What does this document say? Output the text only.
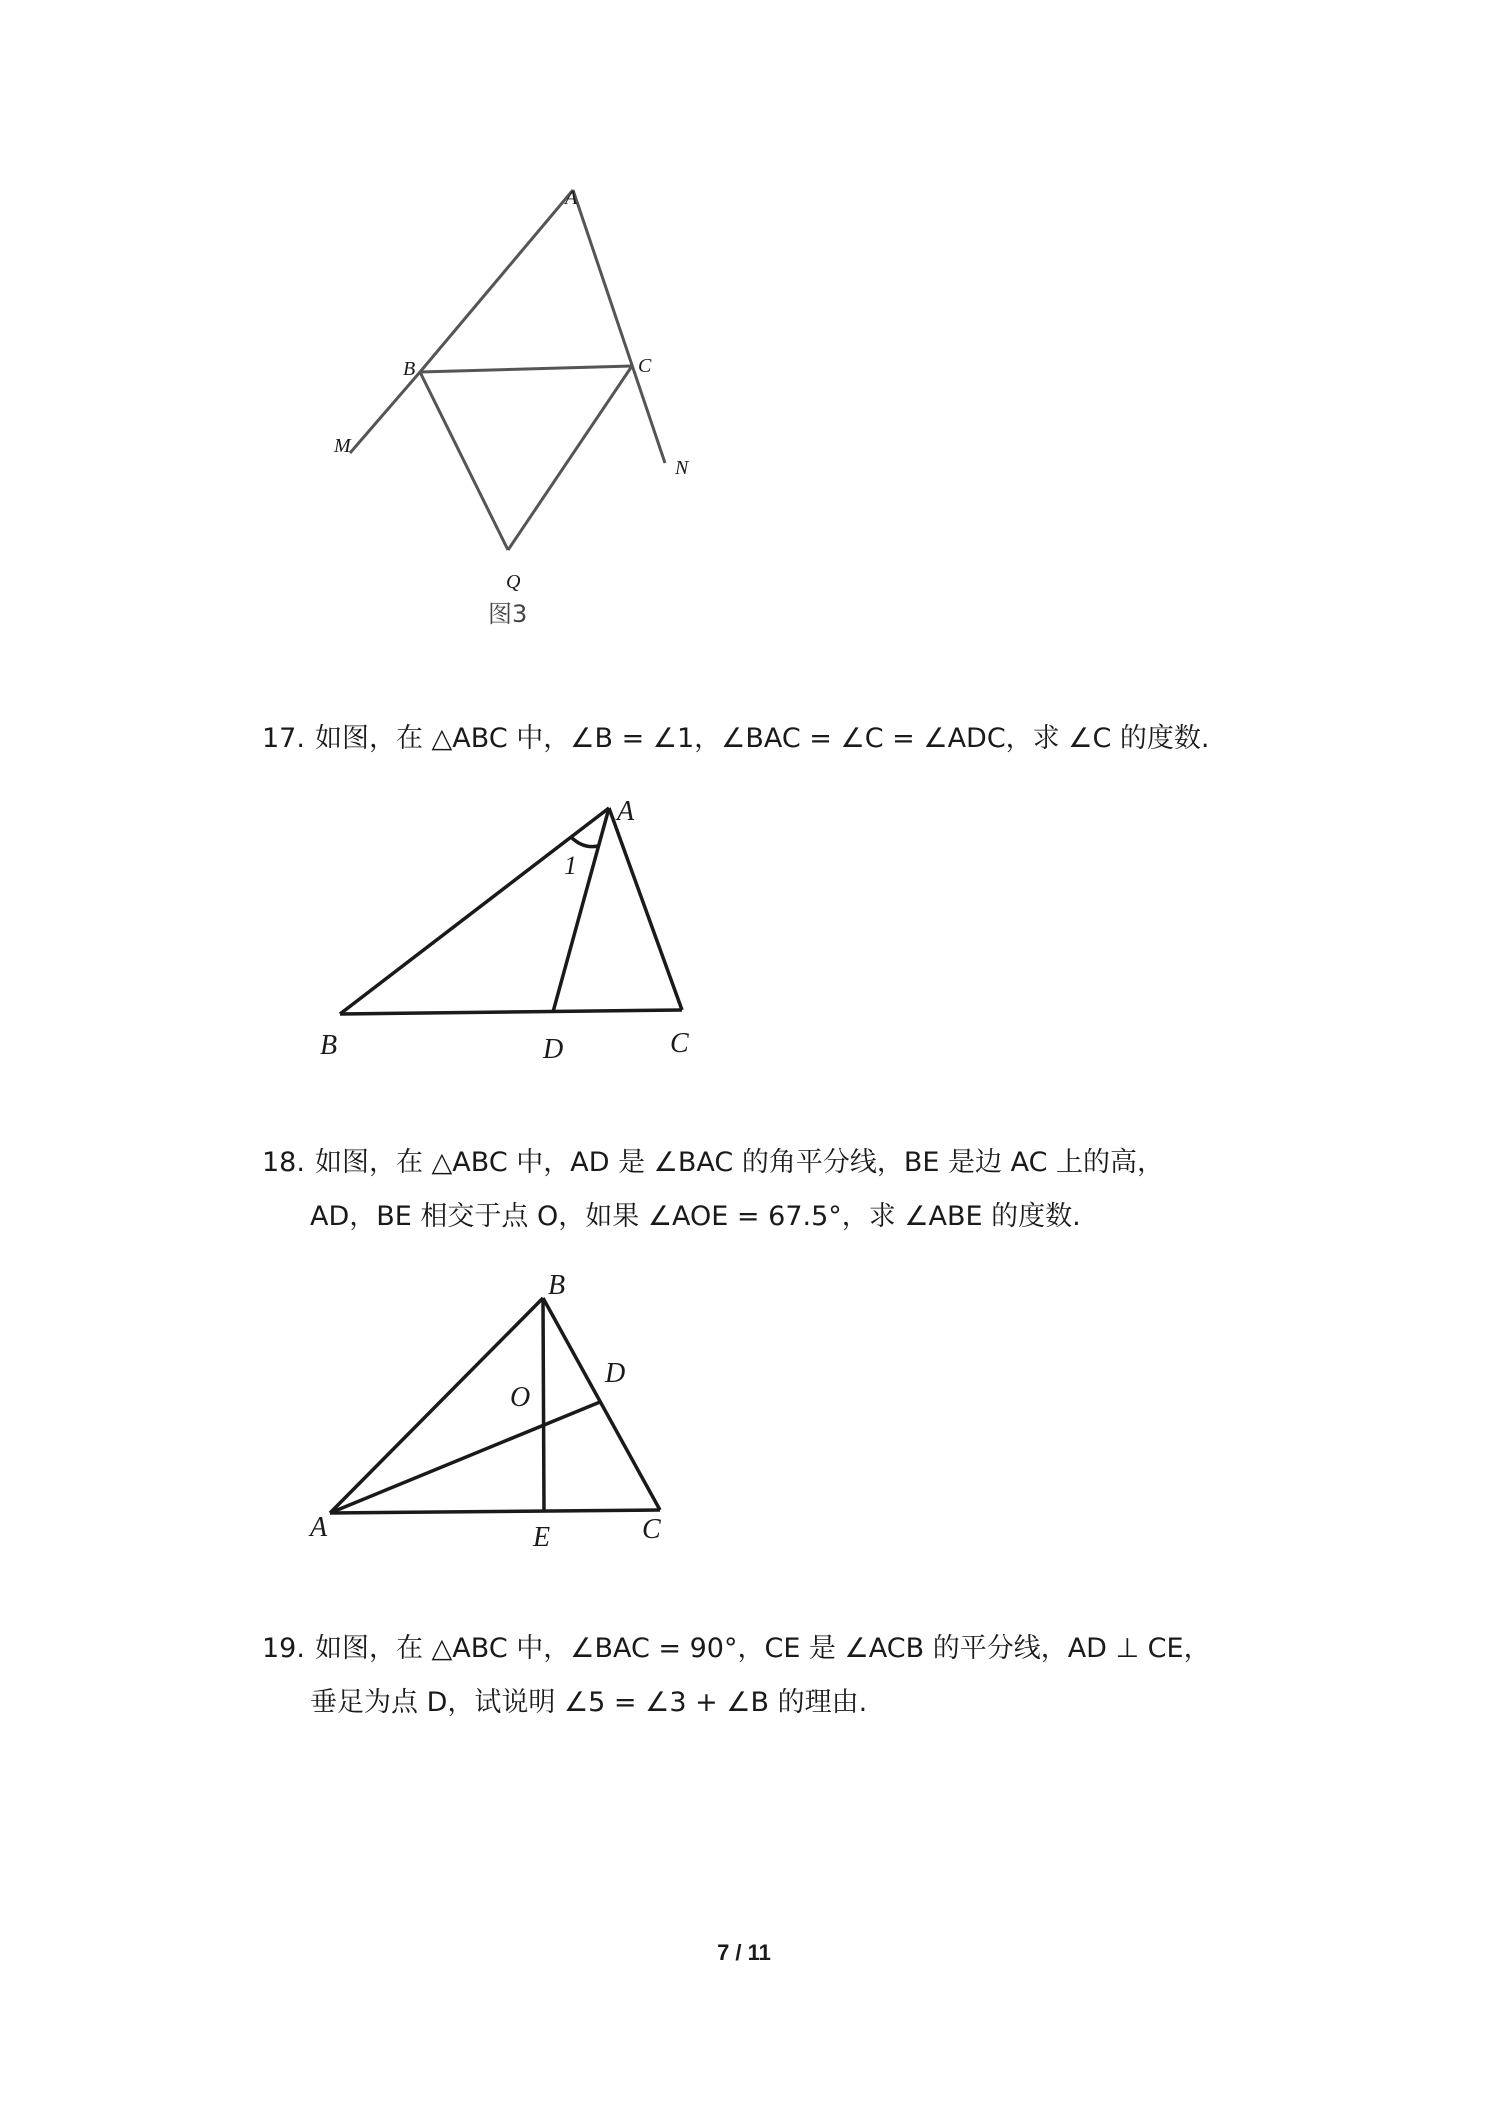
A
B	C
M
N
Q
图3
17. 如图，在 △ABC 中，∠B = ∠1，∠BAC = ∠C = ∠ADC，求 ∠C 的度数.
A
B	D	C
1
18. 如图，在 △ABC 中，AD 是 ∠BAC 的角平分线，BE 是边 AC 上的高，
AD，BE 相交于点 O，如果 ∠AOE = 67.5°，求 ∠ABE 的度数.
B
O
D
A	E	C
19. 如图，在 △ABC 中，∠BAC = 90°，CE 是 ∠ACB 的平分线，AD ⊥ CE，
垂足为点 D，试说明 ∠5 = ∠3 + ∠B 的理由.
7 / 11
